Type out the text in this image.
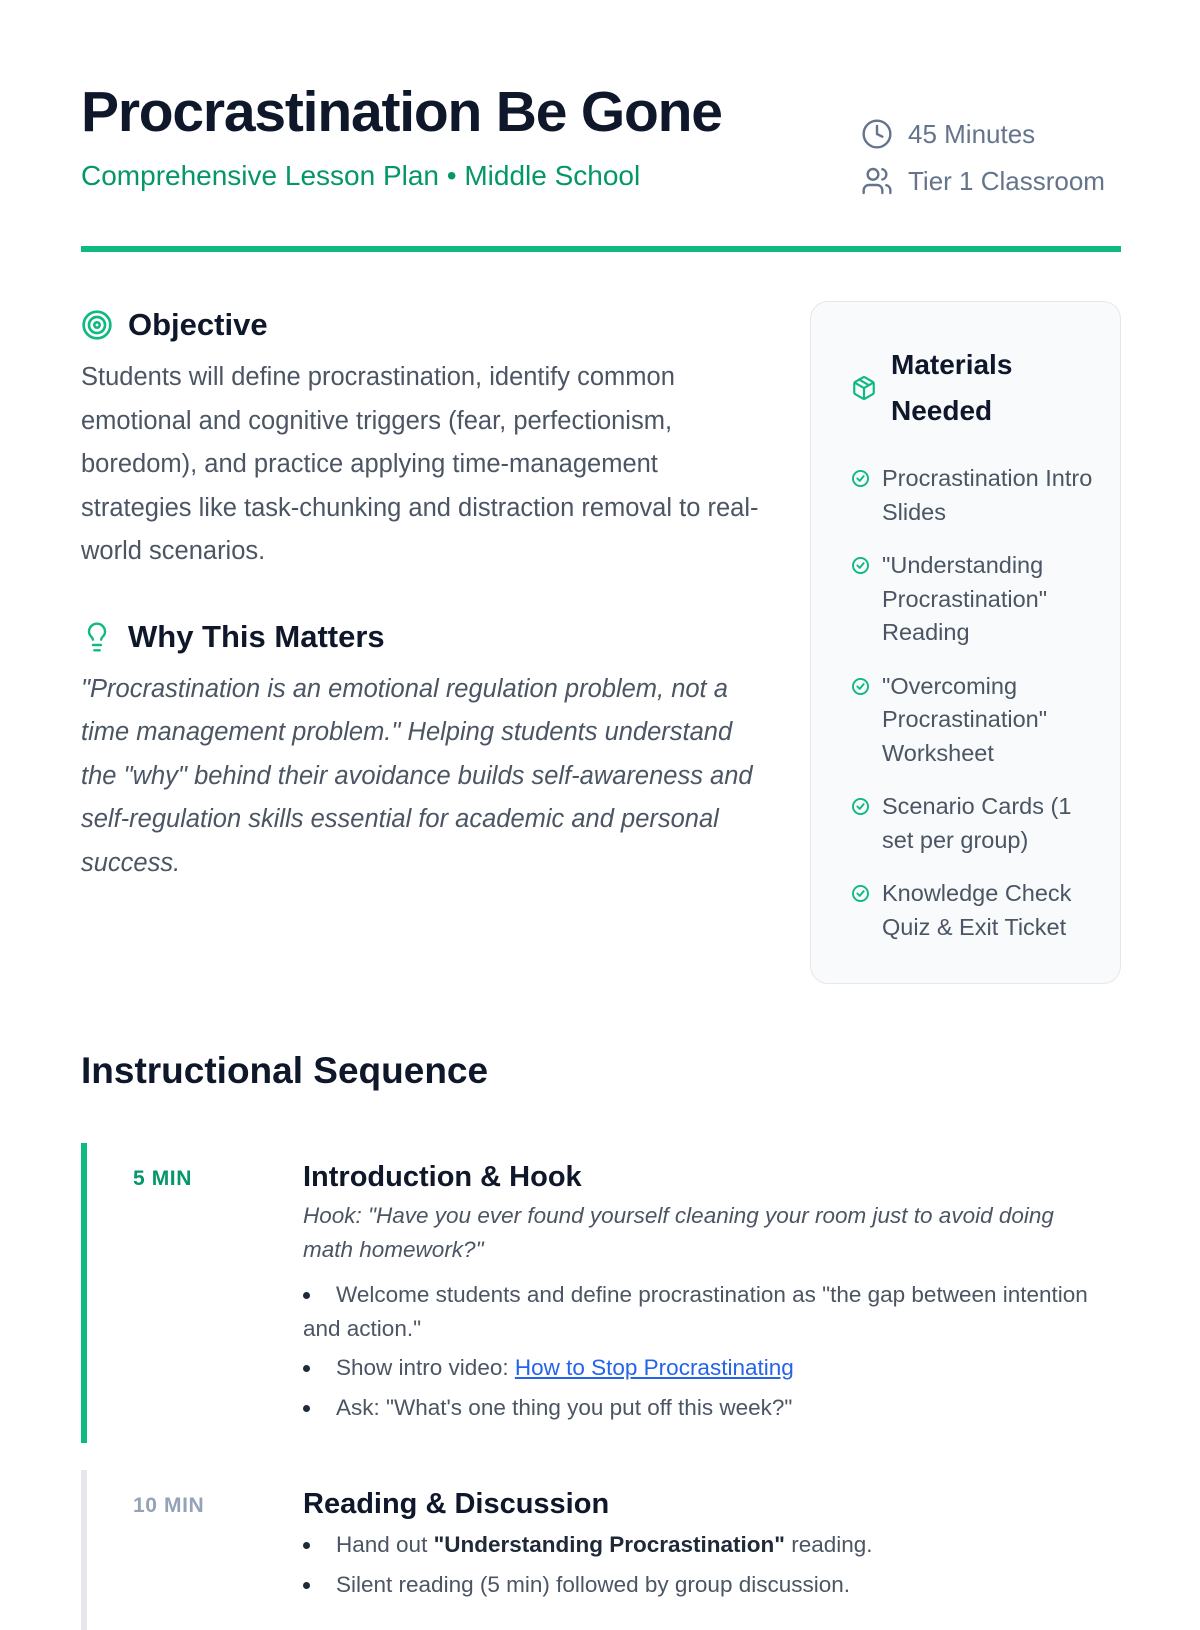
Procrastination Be Gone
Comprehensive Lesson Plan • Middle School
45 Minutes
Tier 1 Classroom
Objective

Students will define procrastination, identify common emotional and cognitive triggers (fear, perfectionism, boredom), and practice applying time-management strategies like task-chunking and distraction removal to real-world scenarios.

Why This Matters

"Procrastination is an emotional regulation problem, not a time management problem." Helping students understand the "why" behind their avoidance builds self-awareness and self-regulation skills essential for academic and personal success.

Materials Needed
Procrastination Intro Slides
"Understanding Procrastination" Reading
"Overcoming Procrastination" Worksheet
Scenario Cards (1 set per group)
Knowledge Check Quiz & Exit Ticket
Instructional Sequence
5 MIN	Introduction & Hook

Hook: "Have you ever found yourself cleaning your room just to avoid doing math homework?"

Welcome students and define procrastination as "the gap between intention and action."
Show intro video: How to Stop Procrastinating
Ask: "What's one thing you put off this week?"
10 MIN	Reading & Discussion
Hand out "Understanding Procrastination" reading.
Silent reading (5 min) followed by group discussion.
